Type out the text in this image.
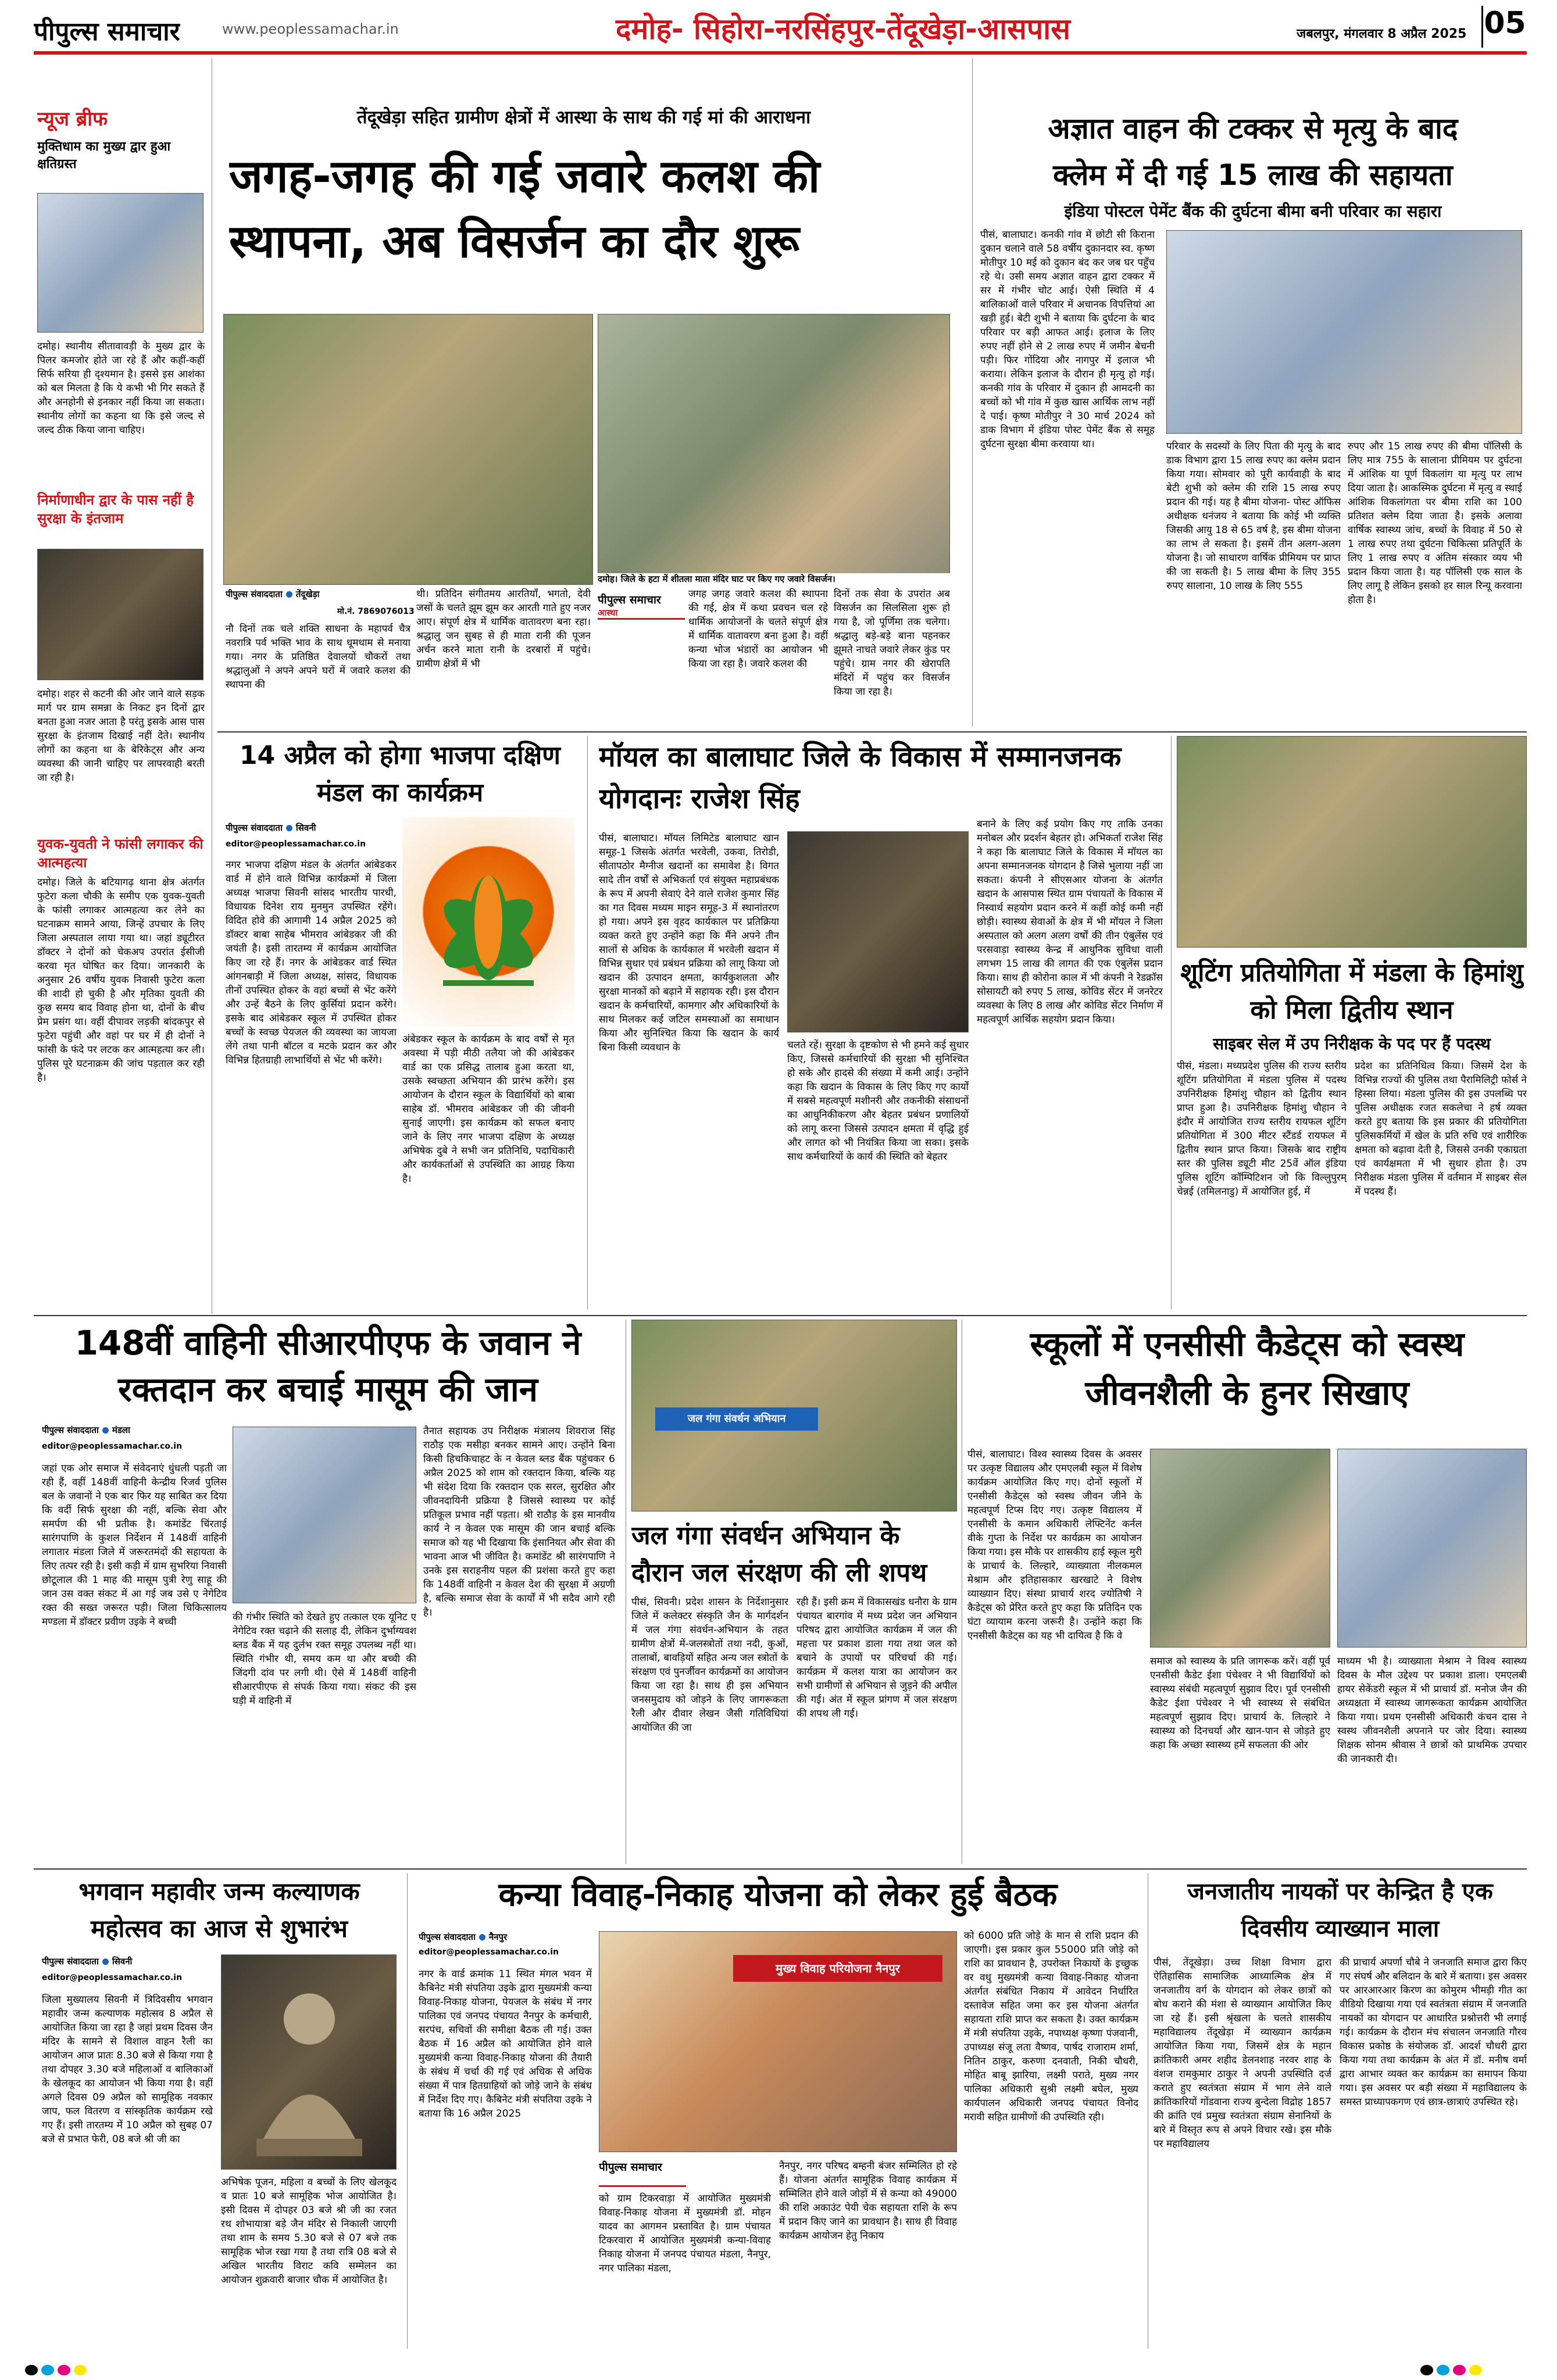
पीपुल्स समाचार	www.peoplessamachar.in	दमोह- सिहोरा-नरसिंहपुर-तेंदूखेड़ा-आसपास	जबलपुर, मंगलवार 8 अप्रैल 2025 05
न्यूज ब्रीफ
मुक्तिधाम का मुख्य द्वार हुआ क्षतिग्रस्त
दमोह। स्थानीय सीतावावड़ी के मुख्य द्वार के पिलर कमजोर होते जा रहे हैं और कहीं-कहीं सिर्फ सरिया ही दृश्यमान है। इससे इस आशंका को बल मिलता है कि ये कभी भी गिर सकते हैं और अनहोनी से इनकार नहीं किया जा सकता। स्थानीय लोगों का कहना था कि इसे जल्द से जल्द ठीक किया जाना चाहिए।
निर्माणाधीन द्वार के पास नहीं है सुरक्षा के इंतजाम
दमोह। शहर से कटनी की ओर जाने वाले सड़क मार्ग पर ग्राम समन्ना के निकट इन दिनों द्वार बनता हुआ नजर आता है परंतु इसके आस पास सुरक्षा के इंतजाम दिखाई नहीं देते। स्थानीय लोगों का कहना था के बेरिकेट्स और अन्य व्यवस्था की जानी चाहिए पर लापरवाही बरती जा रही है।
युवक-युवती ने फांसी लगाकर की आत्महत्या
दमोह। जिले के बटियागढ़ थाना क्षेत्र अंतर्गत फुटेरा कला चौकी के समीप एक युवक-युवती के फांसी लगाकर आत्महत्या कर लेने का घटनाक्रम सामने आया, जिन्हें उपचार के लिए जिला अस्पताल लाया गया था। जहां ड्यूटीरत डॉक्टर ने दोनों को चेकअप उपरांत ईसीजी करवा मृत घोषित कर दिया। जानकारी के अनुसार 26 वर्षीय युवक निवासी फुटेरा कला की शादी हो चुकी है और मृतिका युवती की कुछ समय बाद विवाह होना था, दोनों के बीच प्रेम प्रसंग था। वहीं दीपावर लड़की बांदकपुर से फुटेरा पहुंची और वहां पर घर में ही दोनों ने फांसी के फंदे पर लटक कर आत्महत्या कर ली। पुलिस पूरे घटनाक्रम की जांच पड़ताल कर रही है।
तेंदूखेड़ा सहित ग्रामीण क्षेत्रों में आस्था के साथ की गई मां की आराधना
जगह-जगह की गई जवारे कलश की स्थापना, अब विसर्जन का दौर शुरू
दमोह। जिले के हटा में शीतला माता मंदिर घाट पर किए गए जवारे विसर्जन।
पीपुल्स संवाददाता तेंदूखेड़ा
मो.नं. 7869076013
नौ दिनों तक चले शक्ति साधना के महापर्व चैत्र नवरात्रि पर्व भक्ति भाव के साथ धूमधाम से मनाया गया। नगर के प्रतिष्ठित देवालयों चौकरों तथा श्रद्धालुओं ने अपने अपने घरों में जवारे कलश की स्थापना की
थी। प्रतिदिन संगीतमय आरतियाँ, भगतो, देवी जसों के चलते झूम झूम कर आरती गाते हुए नजर आए। संपूर्ण क्षेत्र में धार्मिक वातावरण बना रहा। श्रद्धालु जन सुबह से ही माता रानी की पूजन अर्चन करने माता रानी के दरबारों में पहुंचे। ग्रामीण क्षेत्रों में भी
पीपुल्स समाचार
आस्था
जगह जगह जवारे कलश की स्थापना की गई, क्षेत्र में कथा प्रवचन चल रहे धार्मिक आयोजनों के चलते संपूर्ण क्षेत्र में धार्मिक वातावरण बना हुआ है। वहीं कन्या भोज भंडारों का आयोजन भी किया जा रहा है। जवारे कलश की
दिनों तक सेवा के उपरांत अब विसर्जन का सिलसिला शुरू हो गया है, जो पूर्णिमा तक चलेगा। श्रद्धालु बड़े-बड़े बाना पहनकर झूमते नाचते जवारे लेकर कुंड पर पहुंचे। ग्राम नगर की खेरापति मंदिरों में पहुंच कर विसर्जन किया जा रहा है।
अज्ञात वाहन की टक्कर से मृत्यु के बाद
क्लेम में दी गई 15 लाख की सहायता
इंडिया पोस्टल पेमेंट बैंक की दुर्घटना बीमा बनी परिवार का सहारा
पीसं, बालाघाट। कनकी गांव में छोटी सी किराना दुकान चलाने वाले 58 वर्षीय दुकानदार स्व. कृष्ण मोतीपुर 10 मई को दुकान बंद कर जब घर पहुँच रहे थे। उसी समय अज्ञात वाहन द्वारा टक्कर में सर में गंभीर चोट आई। ऐसी स्थिति में 4 बालिकाओं वाले परिवार में अचानक विपत्तियां आ खड़ी हुई। बेटी शुभी ने बताया कि दुर्घटना के बाद परिवार पर बड़ी आफत आई। इलाज के लिए रुपए नहीं होने से 2 लाख रुपए में जमीन बेचनी पड़ी। फिर गोंदिया और नागपुर में इलाज भी कराया। लेकिन इलाज के दौरान ही मृत्यु हो गई। कनकी गांव के परिवार में दुकान ही आमदनी का बच्चों को भी गांव में कुछ खास आर्थिक लाभ नहीं दे पाई। कृष्ण मोतीपुर ने 30 मार्च 2024 को डाक विभाग में इंडिया पोस्ट पेमेंट बैंक से समूह दुर्घटना सुरक्षा बीमा करवाया था।	परिवार के सदस्यों के लिए पिता की मृत्यु के बाद डाक विभाग द्वारा 15 लाख रुपए का क्लेम प्रदान किया गया। सोमवार को पूरी कार्यवाही के बाद बेटी शुभी को क्लेम की राशि 15 लाख रुपए प्रदान की गई। यह है बीमा योजना- पोस्ट ऑफिस अधीक्षक धनंजय ने बताया कि कोई भी व्यक्ति जिसकी आयु 18 से 65 वर्ष है, इस बीमा योजना का लाभ ले सकता है। इसमें तीन अलग-अलग योजना है। जो साधारण वार्षिक प्रीमियम पर प्राप्त की जा सकती है। 5 लाख बीमा के लिए 355 रुपए सालाना, 10 लाख के लिए 555
रुपए और 15 लाख रुपए की बीमा पॉलिसी के लिए मात्र 755 के सालाना प्रीमियम पर दुर्घटना में आंशिक या पूर्ण विकलांग या मृत्यु पर लाभ दिया जाता है। आकस्मिक दुर्घटना में मृत्यु व स्थाई आंशिक विकलांगता पर बीमा राशि का 100 प्रतिशत क्लेम दिया जाता है। इसके अलावा वार्षिक स्वास्थ्य जांच, बच्चों के विवाह में 50 से 1 लाख रुपए तथा दुर्घटना चिकित्सा प्रतिपूर्ति के लिए 1 लाख रुपए व अंतिम संस्कार व्यय भी प्रदान किया जाता है। यह पॉलिसी एक साल के लिए लागू है लेकिन इसको हर साल रिन्यू करवाना होता है।
14 अप्रैल को होगा भाजपा दक्षिण मंडल का कार्यक्रम
पीपुल्स संवाददाता सिवनी
editor@peoplessamachar.co.in
नगर भाजपा दक्षिण मंडल के अंतर्गत आंबेडकर वार्ड में होने वाले विभिन्न कार्यक्रमों में जिला अध्यक्ष भाजपा सिवनी सांसद भारतीय पारधी, विधायक दिनेश राय मुनमुन उपस्थित रहेंगे। विदित होवे की आगामी 14 अप्रैल 2025 को डॉक्टर बाबा साहेब भीमराव आंबेडकर जी की जयंती है। इसी तारतम्य में कार्यक्रम आयोजित किए जा रहे हैं। नगर के आंबेडकर वार्ड स्थित आंगनबाड़ी में जिला अध्यक्ष, सांसद, विधायक तीनों उपस्थित होकर के वहां बच्चों से भेंट करेंगे और उन्हें बैठने के लिए कुर्सियां प्रदान करेंगे। इसके बाद आंबेडकर स्कूल में उपस्थित होकर बच्चों के स्वच्छ पेयजल की व्यवस्था का जायजा लेंगे तथा पानी बॉटल व मटके प्रदान कर और विभिन्न हितग्राही लाभार्थियों से भेंट भी करेंगे।
अंबेडकर स्कूल के कार्यक्रम के बाद वर्षों से मृत अवस्था में पड़ी मीठी तलैया जो की आंबेडकर वार्ड का एक प्रसिद्ध तालाब हुआ करता था, उसके स्वच्छता अभियान की प्रारंभ करेंगे। इस आयोजन के दौरान स्कूल के विद्यार्थियों को बाबा साहेब डॉ. भीमराव आंबेडकर जी की जीवनी सुनाई जाएगी। इस कार्यक्रम को सफल बनाए जाने के लिए नगर भाजपा दक्षिण के अध्यक्ष अभिषेक दुबे ने सभी जन प्रतिनिधि, पदाधिकारी और कार्यकर्ताओं से उपस्थिति का आग्रह किया है।
मॉयल का बालाघाट जिले के विकास में सम्मानजनक योगदानः राजेश सिंह
पीसं, बालाघाट। मॉयल लिमिटेड बालाघाट खान समूह-1 जिसके अंतर्गत भरवेली, उकवा, तिरोडी, सीतापठोर मैग्नीज खदानों का समावेश है। विगत सादे तीन वर्षों से अभिकर्ता एवं संयुक्त महाप्रबंधक के रूप में अपनी सेवाएं देने वाले राजेश कुमार सिंह का गत दिवस मध्यम माइन समूह-3 में स्थानांतरण हो गया। अपने इस वृहद कार्यकाल पर प्रतिक्रिया व्यक्त करते हुए उन्होंने कहा कि मैंने अपने तीन सालों से अधिक के कार्यकाल में भरवेली खदान में विभिन्न सुधार एवं प्रबंधन प्रक्रिया को लागू किया जो खदान की उत्पादन क्षमता, कार्यकुशलता और सुरक्षा मानकों को बढ़ाने में सहायक रही। इस दौरान खदान के कर्मचारियों, कामगार और अधिकारियों के साथ मिलकर कई जटिल समस्याओं का समाधान किया और सुनिश्चित किया कि खदान के कार्य बिना किसी व्यवधान के	चलते रहें। सुरक्षा के दृष्टकोण से भी हमने कई सुधार किए, जिससे कर्मचारियों की सुरक्षा भी सुनिश्चित हो सके और हादसे की संख्या में कमी आई। उन्होंने कहा कि खदान के विकास के लिए किए गए कार्यों में सबसे महत्वपूर्ण मशीनरी और तकनीकी संसाधनों का आधुनिकीकरण और बेहतर प्रबंधन प्रणालियों को लागू करना जिससे उत्पादन क्षमता में वृद्धि हुई और लागत को भी नियंत्रित किया जा सका। इसके साथ कर्मचारियों के कार्य की स्थिति को बेहतर
बनाने के लिए कई प्रयोग किए गए ताकि उनका मनोबल और प्रदर्शन बेहतर हो। अभिकर्ता राजेश सिंह ने कहा कि बालाघाट जिले के विकास में मॉयल का अपना सम्मानजनक योगदान है जिसे भुलाया नहीं जा सकता। कंपनी ने सीएसआर योजना के अंतर्गत खदान के आसपास स्थित ग्राम पंचायतों के विकास में निस्वार्थ सहयोग प्रदान करने में कहीं कोई कमी नहीं छोड़ी। स्वास्थ्य सेवाओं के क्षेत्र में भी मॉयल ने जिला अस्पताल को अलग अलग वर्षों की तीन एंबुलेंस एवं परसवाड़ा स्वास्थ्य केन्द्र में आधुनिक सुविधा वाली लगभग 15 लाख की लागत की एक एंबुलेंस प्रदान किया। साथ ही कोरोना काल में भी कंपनी ने रेडक्रॉस सोसायटी को रुपए 5 लाख, कोविड सेंटर में जनरेटर व्यवस्था के लिए 8 लाख और कोविड सेंटर निर्माण में महत्वपूर्ण आर्थिक सहयोग प्रदान किया।
शूटिंग प्रतियोगिता में मंडला के हिमांशु को मिला द्वितीय स्थान
साइबर सेल में उप निरीक्षक के पद पर हैं पदस्थ
पीसं, मंडला। मध्यप्रदेश पुलिस की राज्य स्तरीय शूटिंग प्रतियोगिता में मंडला पुलिस में पदस्थ उपनिरीक्षक हिमांशु चौहान को द्वितीय स्थान प्राप्त हुआ है। उपनिरीक्षक हिमांशु चौहान ने इंदौर में आयोजित राज्य स्तरीय रायफल शूटिंग प्रतियोगिता में 300 मीटर स्टैंडर्ड रायफल में द्वितीय स्थान प्राप्त किया। जिसके बाद राष्ट्रीय स्तर की पुलिस ड्यूटी मीट 25वें ऑल इंडिया पुलिस शूटिंग कॉम्पिटिशन जो कि विल्लुपुरम् चेन्नई (तमिलनाडु) में आयोजित हुई, में
प्रदेश का प्रतिनिधित्व किया। जिसमें देश के विभिन्न राज्यों की पुलिस तथा पैरामिलिट्री फोर्स ने हिस्सा लिया। मंडला पुलिस की इस उपलब्धि पर पुलिस अधीक्षक रजत सकलेचा ने हर्ष व्यक्त करते हुए बताया कि इस प्रकार की प्रतियोगिता पुलिसकर्मियों में खेल के प्रति रुचि एवं शारीरिक क्षमता को बढ़ावा देती है, जिससे उनकी एकाग्रता एवं कार्यक्षमता में भी सुधार होता है। उप निरीक्षक मंडला पुलिस में वर्तमान में साइबर सेल में पदस्थ हैं।
148वीं वाहिनी सीआरपीएफ के जवान ने रक्तदान कर बचाई मासूम की जान
पीपुल्स संवाददाता मंडला
editor@peoplessamachar.co.in
जहां एक ओर समाज में संवेदनाएं धुंधली पड़ती जा रही हैं, वहीं 148वीं वाहिनी केन्द्रीय रिजर्व पुलिस बल के जवानों ने एक बार फिर यह साबित कर दिया कि वर्दी सिर्फ सुरक्षा की नहीं, बल्कि सेवा और समर्पण की भी प्रतीक है। कमांडेंट चिंरताई सारंगपाणि के कुशल निर्देशन में 148वीं वाहिनी लगातार मंडला जिले में जरूरतमंदों की सहायता के लिए तत्पर रही है। इसी कड़ी में ग्राम सुभरिया निवासी छोटूलाल की 1 माह की मासूम पुत्री रेणु साहू की जान उस वक्त संकट में आ गई जब उसे ए नेगेटिव रक्त की सख्त जरूरत पड़ी। जिला चिकित्सालय मण्डला में डॉक्टर प्रवीण उइके ने बच्ची	की गंभीर स्थिति को देखते हुए तत्काल एक यूनिट ए नेगेटिव रक्त चढ़ाने की सलाह दी, लेकिन दुर्भाग्यवश ब्लड बैंक में यह दुर्लभ रक्त समूह उपलब्ध नहीं था। स्थिति गंभीर थी, समय कम था और बच्ची की जिंदगी दांव पर लगी थी। ऐसे में 148वीं वाहिनी सीआरपीएफ से संपर्क किया गया। संकट की इस घड़ी में वाहिनी में
तैनात सहायक उप निरीक्षक मंत्रालय शिवराज सिंह राठौड़ एक मसीहा बनकर सामने आए। उन्होंने बिना किसी हिचकिचाहट के न केवल ब्लड बैंक पहुंचकर 6 अप्रैल 2025 को शाम को रक्तदान किया, बल्कि यह भी संदेश दिया कि रक्तदान एक सरल, सुरक्षित और जीवनदायिनी प्रक्रिया है जिससे स्वास्थ्य पर कोई प्रतिकूल प्रभाव नहीं पड़ता। श्री राठौड़ के इस मानवीय कार्य ने न केवल एक मासूम की जान बचाई बल्कि समाज को यह भी दिखाया कि इंसानियत और सेवा की भावना आज भी जीवित है। कमांडेंट श्री सारंगपाणि ने उनके इस सराहनीय पहल की प्रशंसा करते हुए कहा कि 148वीं वाहिनी न केवल देश की सुरक्षा में अग्रणी है, बल्कि समाज सेवा के कार्यों में भी सदैव आगे रही है।
जल गंगा संवर्धन अभियान
जल गंगा संवर्धन अभियान के दौरान जल संरक्षण की ली शपथ
पीसं, सिवनी। प्रदेश शासन के निर्देशानुसार जिले में कलेक्टर संस्कृति जैन के मार्गदर्शन में जल गंगा संवर्धन-अभियान के तहत ग्रामीण क्षेत्रों में-जलस्त्रोतों तथा नदी, कुओं, तालाबों, बावड़ियों सहित अन्य जल स्त्रोतों के संरक्षण एवं पुनर्जीवन कार्यक्रमों का आयोजन किया जा रहा है। साथ ही इस अभियान जनसमुदाय को जोड़ने के लिए जागरूकता रैली और दीवार लेखन जैसी गतिविधियां आयोजित की जा
रही हैं। इसी क्रम में विकासखंड धनौरा के ग्राम पंचायत बारगांव में मध्य प्रदेश जन अभियान परिषद द्वारा आयोजित कार्यक्रम में जल की महत्ता पर प्रकाश डाला गया तथा जल को बचाने के उपायों पर परिचर्चा की गई। कार्यक्रम में कलश यात्रा का आयोजन कर सभी ग्रामीणों से अभियान से जुड़ने की अपील की गई। अंत में स्कूल प्रांगण में जल संरक्षण की शपथ ली गई।
स्कूलों में एनसीसी कैडेट्स को स्वस्थ जीवनशैली के हुनर सिखाए
पीसं, बालाघाट। विश्व स्वास्थ्य दिवस के अवसर पर उत्कृष्ट विद्यालय और एमएलबी स्कूल में विशेष कार्यक्रम आयोजित किए गए। दोनों स्कूलों में एनसीसी कैडेट्स को स्वस्थ जीवन जीने के महत्वपूर्ण टिप्स दिए गए। उत्कृष्ट विद्यालय में एनसीसी के कमान अधिकारी लेफ्टिनेंट कर्नल वीके गुप्ता के निर्देश पर कार्यक्रम का आयोजन किया गया। इस मौके पर शासकीय हाई स्कूल मुरी के प्राचार्य के. लिल्हारे, व्याख्याता नीलकमल मेश्राम और इतिहासकार खरखाटे ने विशेष व्याख्यान दिए। संस्था प्राचार्य शरद ज्योतिषी ने कैडेट्स को प्रेरित करते हुए कहा कि प्रतिदिन एक घंटा व्यायाम करना जरूरी है। उन्होंने कहा कि एनसीसी कैडेट्स का यह भी दायित्व है कि वे
समाज को स्वास्थ्य के प्रति जागरूक करें। वहीं पूर्व एनसीसी कैडेट ईशा पंचेश्वर ने भी विद्यार्थियों को स्वास्थ्य संबंधी महत्वपूर्ण सुझाव दिए। पूर्व एनसीसी कैडेट ईशा पंचेश्वर ने भी स्वास्थ्य से संबंधित महत्वपूर्ण सुझाव दिए। प्राचार्य के. लिल्हारे ने स्वास्थ्य को दिनचर्या और खान-पान से जोड़ते हुए कहा कि अच्छा स्वास्थ्य हमें सफलता की ओर
माध्यम भी है। व्याख्याता मेश्राम ने विश्व स्वास्थ्य दिवस के मौल उद्देश्य पर प्रकाश डाला। एमएलबी हायर सेकेंडरी स्कूल में भी प्राचार्य डॉ. मनोज जैन की अध्यक्षता में स्वास्थ्य जागरूकता कार्यक्रम आयोजित किया गया। प्रथम एनसीसी अधिकारी कंचन दास ने स्वस्थ जीवनशैली अपनाने पर जोर दिया। स्वास्थ्य शिक्षक सोनम श्रीवास ने छात्रों को प्राथमिक उपचार की जानकारी दी।
भगवान महावीर जन्म कल्याणक महोत्सव का आज से शुभारंभ
पीपुल्स संवाददाता सिवनी
editor@peoplessamachar.co.in
जिला मुख्यालय सिवनी में त्रिदिवसीय भगवान महावीर जन्म कल्याणक महोत्सव 8 अप्रैल से आयोजित किया जा रहा है जहां प्रथम दिवस जैन मंदिर के सामने से विशाल वाहन रैली का आयोजन आज प्रातः 8.30 बजे से किया गया है तथा दोपहर 3.30 बजे महिलाओं व बालिकाओं के खेलकूद का आयोजन भी किया गया है। वहीं अगले दिवस 09 अप्रैल को सामूहिक नवकार जाप, फल वितरण व सांस्कृतिक कार्यक्रम रखे गए हैं। इसी तारतम्य में 10 अप्रैल को सुबह 07 बजे से प्रभात फेरी, 08 बजे श्री जी का
अभिषेक पूजन, महिला व बच्चों के लिए खेलकूद व प्रातः 10 बजे सामूहिक भोज आयोजित है। इसी दिवस में दोपहर 03 बजे श्री जी का रजत रथ शोभायात्रा बड़े जैन मंदिर से निकाली जाएगी तथा शाम के समय 5.30 बजे से 07 बजे तक सामूहिक भोज रखा गया है तथा रात्रि 08 बजे से अखिल भारतीय विराट कवि सम्मेलन का आयोजन शुक्रवारी बाजार चौक में आयोजित है।
कन्या विवाह-निकाह योजना को लेकर हुई बैठक
पीपुल्स संवाददाता नैनपुर
editor@peoplessamachar.co.in
नगर के वार्ड क्रमांक 11 स्थित मंगल भवन में कैबिनेट मंत्री संपतिया उइके द्वारा मुख्यमंत्री कन्या विवाह-निकाह योजना, पेयजल के संबंध में नगर पालिका एवं जनपद पंचायत नैनपुर के कर्मचारी, सरपंच, सचिवों की समीक्षा बैठक ली गई। उक्त बैठक में 16 अप्रैल को आयोजित होने वाले मुख्यमंत्री कन्या विवाह-निकाह योजना की तैयारी के संबंध में चर्चा की गई एवं अधिक से अधिक संख्या में पात्र हितग्राहियों को जोड़े जाने के संबंध में निर्देश दिए गए। कैबिनेट मंत्री संपतिया उइके ने बताया कि 16 अप्रैल 2025
मुख्य विवाह परियोजना नैनपुर
पीपुल्स समाचार
को ग्राम टिकरवाड़ा में आयोजित मुख्यमंत्री विवाह-निकाह योजना में मुख्यमंत्री डॉ. मोहन यादव का आगमन प्रस्तावित है। ग्राम पंचायत टिकरवारा में आयोजित मुख्यमंत्री कन्या-विवाह निकाह योजना में जनपद पंचायत मंडला, नैनपुर, नगर पालिका मंडला,
नैनपुर, नगर परिषद बम्हनी बंजर सम्मिलित हो रहे हैं। योजना अंतर्गत सामूहिक विवाह कार्यक्रम में सम्मिलित होने वाले जोड़ों में से कन्या को 49000 की राशि अकाउंट पेयी चेक सहायता राशि के रूप में प्रदान किए जाने का प्रावधान है। साथ ही विवाह कार्यक्रम आयोजन हेतु निकाय
को 6000 प्रति जोड़े के मान से राशि प्रदान की जाएगी। इस प्रकार कुल 55000 प्रति जोड़े को राशि का प्रावधान है, उपरोक्त निकायों के इच्छुक वर वधु मुख्यमंत्री कन्या विवाह-निकाह योजना अंतर्गत संबंधित निकाय में आवेदन निर्धारित दस्तावेज सहित जमा कर इस योजना अंतर्गत सहायता राशि प्राप्त कर सकता है। उक्त कार्यक्रम में मंत्री संपतिया उइके, नपाध्यक्ष कृष्णा पंजवानी, उपाध्यक्ष संजू लता वैष्णव, पार्षद राजाराम शर्मा, नितिन ठाकुर, करुणा दनवाती, निकी चौधरी, मोहित बाबू झारिया, लक्ष्मी पराते, मुख्य नगर पालिका अधिकारी सुश्री लक्ष्मी बघेल, मुख्य कार्यपालन अधिकारी जनपद पंचायत विनोद मरावी सहित ग्रामीणों की उपस्थिति रही।
जनजातीय नायकों पर केन्द्रित है एक दिवसीय व्याख्यान माला
पीसं, तेंदूखेड़ा। उच्च शिक्षा विभाग द्वारा ऐतिहासिक सामाजिक आध्यात्मिक क्षेत्र में जनजातीय वर्ग के योगदान को लेकर छात्रों को बोध कराने की मंशा से व्याख्यान आयोजित किए जा रहे हैं। इसी श्रृंखला के चलते शासकीय महाविद्यालय तेंदूखेड़ा में व्याख्यान कार्यक्रम आयोजित किया गया, जिसमें क्षेत्र के महान क्रांतिकारी अमर शहीद डेलनशाह नरवर शाह के वंशज रामकुमार ठाकुर ने अपनी उपस्थिति दर्ज कराते हुए स्वतंत्रता संग्राम में भाग लेने वाले क्रांतिकारियों गोंडवाना राज्य बुन्देला विद्रोह 1857 की क्रांति एवं प्रमुख स्वतंत्रता संग्राम सेनानियों के बारे में विस्तृत रूप से अपने विचार रखे। इस मौके पर महाविद्यालय
की प्राचार्य अपर्णा चौबे ने जनजाति समाज द्वारा किए गए संघर्ष और बलिदान के बारे में बताया। इस अवसर पर आरआरआर किरण का कोमुरम भीमड़ी गीत का वीडियो दिखाया गया एवं स्वतंत्रता संग्राम में जनजाति नायकों का योगदान पर आधारित प्रश्नोत्तरी भी लगाई गई। कार्यक्रम के दौरान मंच संचालन जनजाति गौरव विकास प्रकोष्ठ के संयोजक डॉ. आदर्श चौधरी द्वारा किया गया तथा कार्यक्रम के अंत में डॉ. मनीष वर्मा द्वारा आभार व्यक्त कर कार्यक्रम का समापन किया गया। इस अवसर पर बड़ी संख्या में महाविद्यालय के समस्त प्राध्यापकगण एवं छात्र-छात्राएं उपस्थित रहे।
